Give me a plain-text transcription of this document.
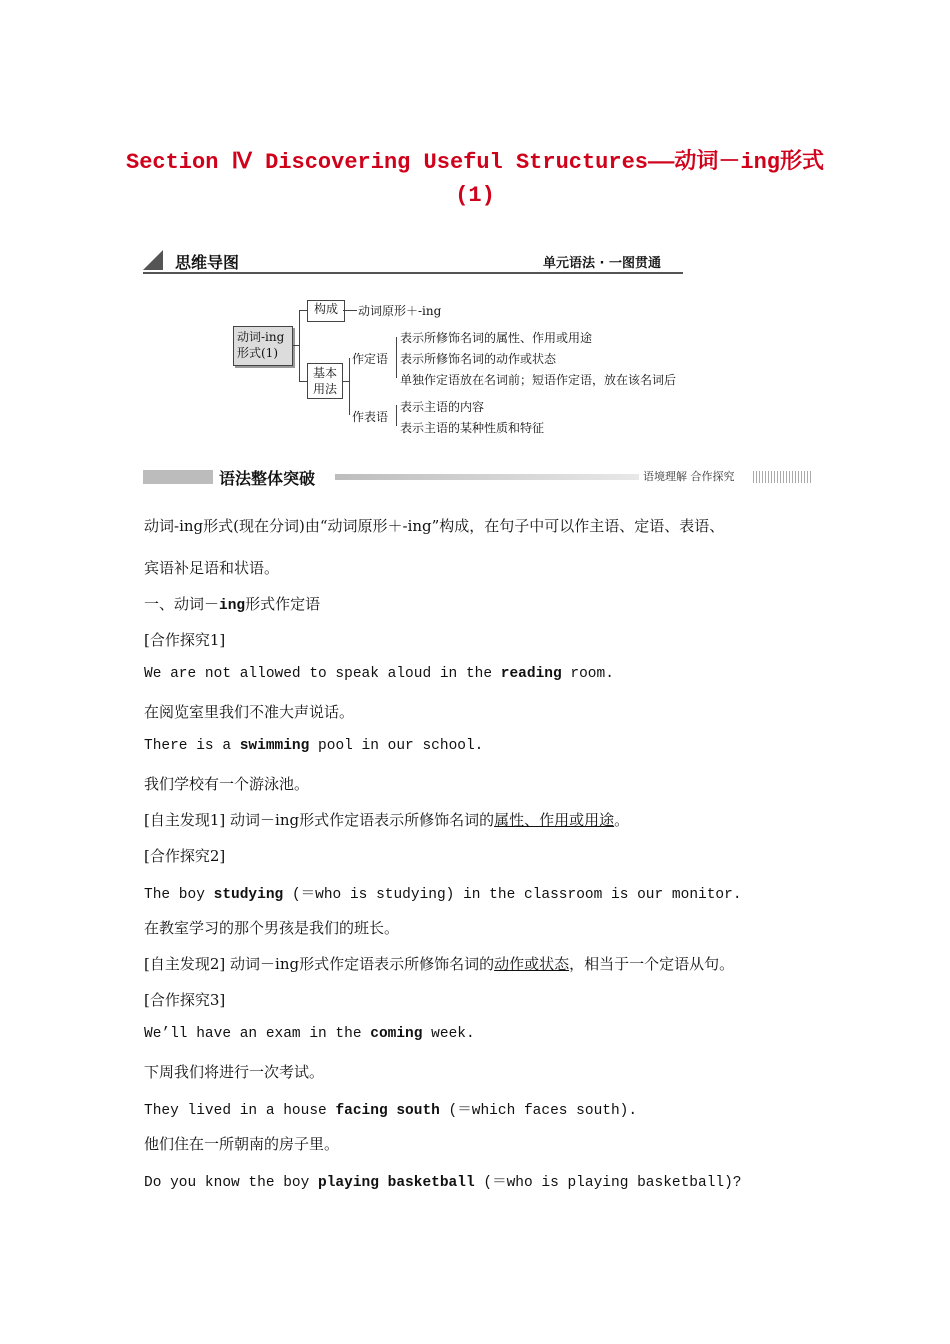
Section Ⅳ Discovering Useful Structures——动词－ing形式
(1)
思维导图	单元语法 · 一图贯通
动词-ing形式(1)
构成	动词原形＋-ing
基本用法
作定语
表示所修饰名词的属性、作用或用途
表示所修饰名词的动作或状态
单独作定语放在名词前；短语作定语，放在该名词后
作表语
表示主语的内容
表示主语的某种性质和特征
语法整体突破	语境理解 合作探究
动词-ing形式(现在分词)由“动词原形＋-ing”构成，在句子中可以作主语、定语、表语、
宾语补足语和状语。
一、动词－ing形式作定语
[合作探究1]
We are not allowed to speak aloud in the reading room.
在阅览室里我们不准大声说话。
There is a swimming pool in our school.
我们学校有一个游泳池。
[自主发现1] 动词－ing形式作定语表示所修饰名词的属性、作用或用途。
[合作探究2]
The boy studying (＝who is studying) in the classroom is our monitor.
在教室学习的那个男孩是我们的班长。
[自主发现2] 动词－ing形式作定语表示所修饰名词的动作或状态，相当于一个定语从句。
[合作探究3]
We’ll have an exam in the coming week.
下周我们将进行一次考试。
They lived in a house facing south (＝which faces south).
他们住在一所朝南的房子里。
Do you know the boy playing basketball (＝who is playing basketball)?
